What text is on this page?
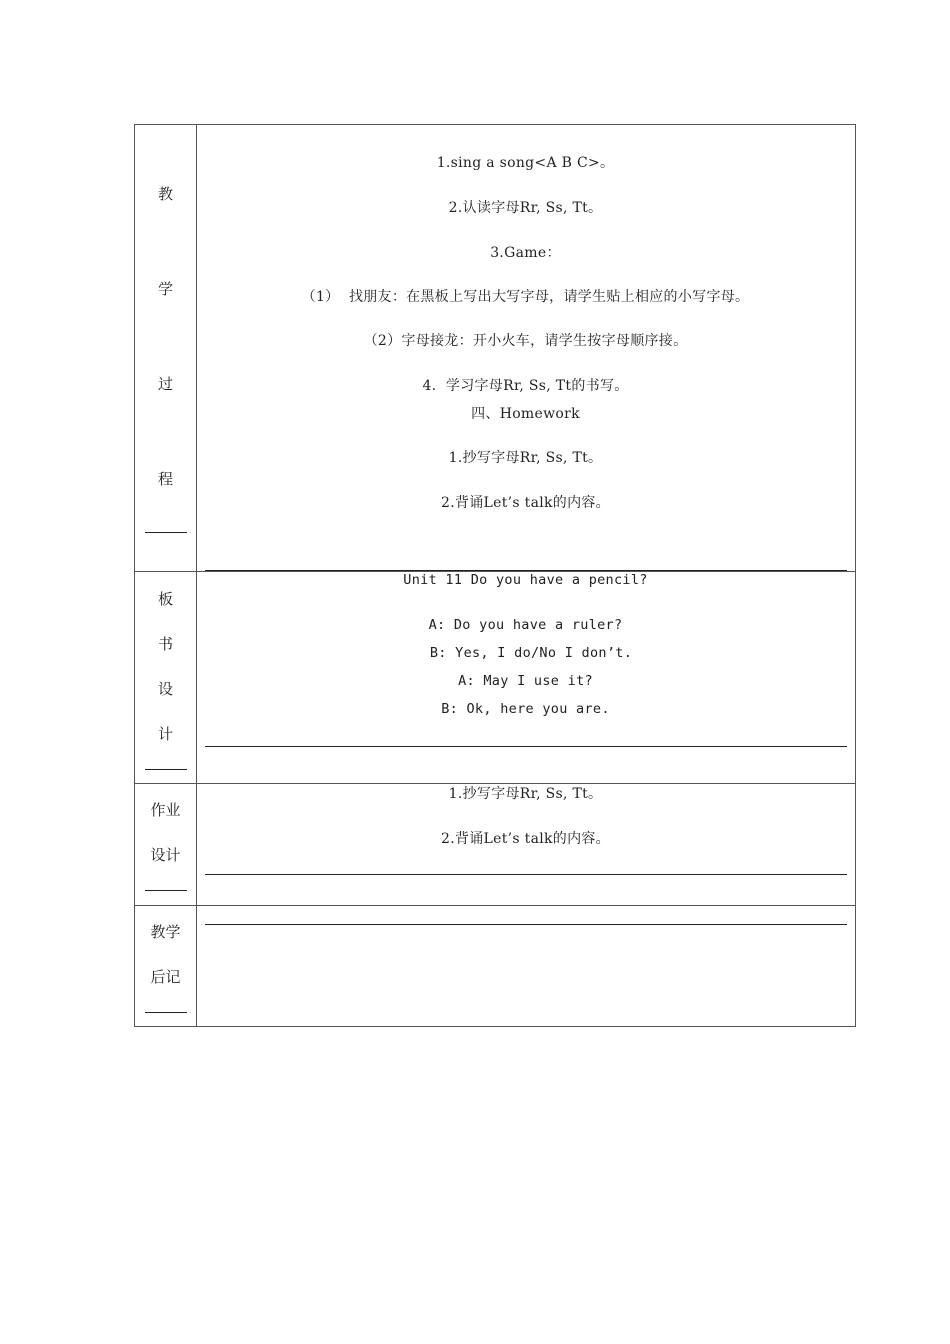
教
学
过
程
1.sing a song<A B C>。
2.认读字母Rr, Ss, Tt。
3.Game：
（1）  找朋友：在黑板上写出大写字母，请学生贴上相应的小写字母。
（2）字母接龙：开小火车，请学生按字母顺序接。
4.  学习字母Rr, Ss, Tt的书写。
四、Homework
1.抄写字母Rr, Ss, Tt。
2.背诵Let’s talk的内容。
板
书
设
计
Unit 11 Do you have a pencil?
A: Do you have a ruler?
B: Yes, I do/No I don’t.
A: May I use it?
B: Ok, here you are.
作业
设计
1.抄写字母Rr, Ss, Tt。
2.背诵Let’s talk的内容。
教学
后记
